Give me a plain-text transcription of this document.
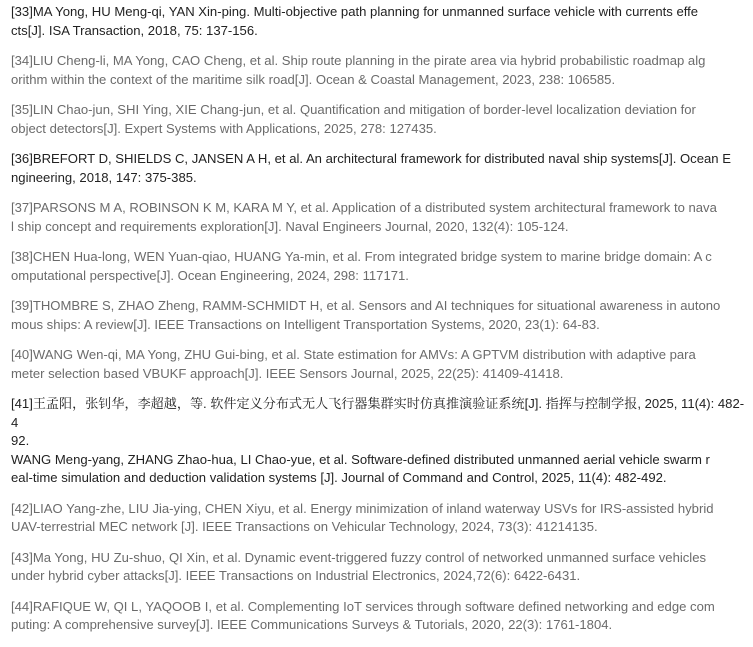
[33]MA Yong, HU Meng-qi, YAN Xin-ping. Multi-objective path planning for unmanned surface vehicle with currents effe
cts[J]. ISA Transaction, 2018, 75: 137-156.
[34]LIU Cheng-li, MA Yong, CAO Cheng, et al. Ship route planning in the pirate area via hybrid probabilistic roadmap alg
orithm within the context of the maritime silk road[J]. Ocean & Coastal Management, 2023, 238: 106585.
[35]LIN Chao-jun, SHI Ying, XIE Chang-jun, et al. Quantification and mitigation of border-level localization deviation for
object detectors[J]. Expert Systems with Applications, 2025, 278: 127435.
[36]BREFORT D, SHIELDS C, JANSEN A H, et al. An architectural framework for distributed naval ship systems[J]. Ocean E
ngineering, 2018, 147: 375-385.
[37]PARSONS M A, ROBINSON K M, KARA M Y, et al. Application of a distributed system architectural framework to nava
l ship concept and requirements exploration[J]. Naval Engineers Journal, 2020, 132(4): 105-124.
[38]CHEN Hua-long, WEN Yuan-qiao, HUANG Ya-min, et al. From integrated bridge system to marine bridge domain: A c
omputational perspective[J]. Ocean Engineering, 2024, 298: 117171.
[39]THOMBRE S, ZHAO Zheng, RAMM-SCHMIDT H, et al. Sensors and AI techniques for situational awareness in autono
mous ships: A review[J]. IEEE Transactions on Intelligent Transportation Systems, 2020, 23(1): 64-83.
[40]WANG Wen-qi, MA Yong, ZHU Gui-bing, et al. State estimation for AMVs: A GPTVM distribution with adaptive para
meter selection based VBUKF approach[J]. IEEE Sensors Journal, 2025, 22(25): 41409-41418.
[41]王孟阳，张钊华，李超越，等. 软件定义分布式无人飞行器集群实时仿真推演验证系统[J]. 指挥与控制学报, 2025, 11(4): 482-4
92.
WANG Meng-yang, ZHANG Zhao-hua, LI Chao-yue, et al. Software-defined distributed unmanned aerial vehicle swarm r
eal-time simulation and deduction validation systems [J]. Journal of Command and Control, 2025, 11(4): 482-492.
[42]LIAO Yang-zhe, LIU Jia-ying, CHEN Xiyu, et al. Energy minimization of inland waterway USVs for IRS-assisted hybrid
UAV-terrestrial MEC network [J]. IEEE Transactions on Vehicular Technology, 2024, 73(3): 41214135.
[43]Ma Yong, HU Zu-shuo, QI Xin, et al. Dynamic event-triggered fuzzy control of networked unmanned surface vehicles
under hybrid cyber attacks[J]. IEEE Transactions on Industrial Electronics, 2024,72(6): 6422-6431.
[44]RAFIQUE W, QI L, YAQOOB I, et al. Complementing IoT services through software defined networking and edge com
puting: A comprehensive survey[J]. IEEE Communications Surveys & Tutorials, 2020, 22(3): 1761-1804.
